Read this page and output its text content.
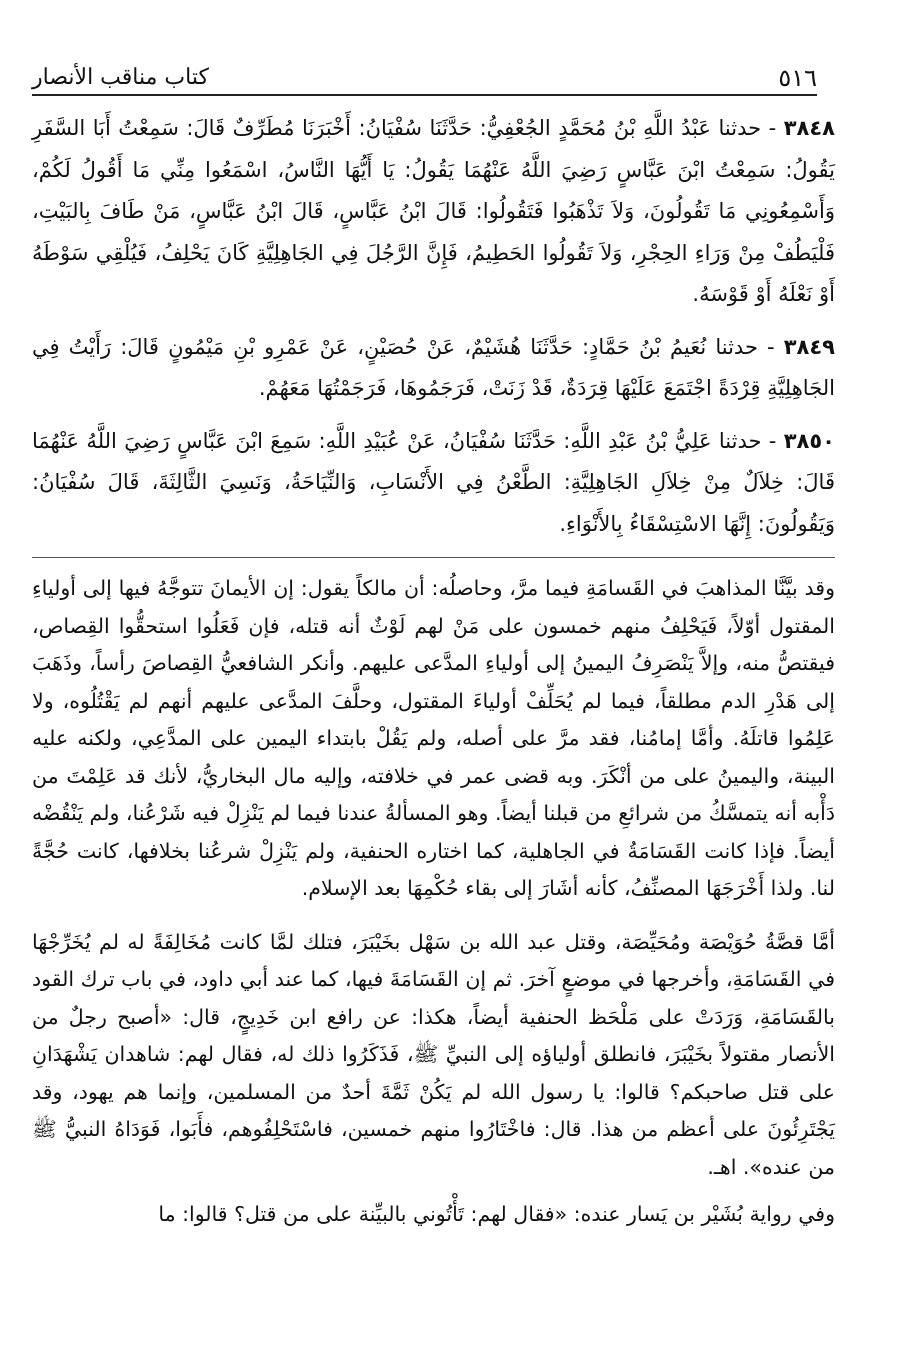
٥١٦
كتاب مناقب الأنصار

٣٨٤٨ - حدثنا عَبْدُ اللَّهِ بْنُ مُحَمَّدٍ الجُعْفِيُّ: حَدَّثَنَا سُفْيَانُ: أَخْبَرَنَا مُطَرِّفٌ قَالَ: سَمِعْتُ أَبَا السَّفَرِ يَقُولُ: سَمِعْتُ ابْنَ عَبَّاسٍ رَضِيَ اللَّهُ عَنْهُمَا يَقُولُ: يَا أَيُّهَا النَّاسُ، اسْمَعُوا مِنِّي مَا أَقُولُ لَكُمْ، وَأَسْمِعُونِي مَا تَقُولُونَ، وَلاَ تَذْهَبُوا فَتَقُولُوا: قَالَ ابْنُ عَبَّاسٍ، قَالَ ابْنُ عَبَّاسٍ، مَنْ طَافَ بِالبَيْتِ، فَلْيَطُفْ مِنْ وَرَاءِ الحِجْرِ، وَلاَ تَقُولُوا الحَطِيمُ، فَإِنَّ الرَّجُلَ فِي الجَاهِلِيَّةِ كَانَ يَحْلِفُ، فَيُلْقِي سَوْطَهُ أَوْ نَعْلَهُ أَوْ قَوْسَهُ.

٣٨٤٩ - حدثنا نُعَيمُ بْنُ حَمَّادٍ: حَدَّثَنَا هُشَيْمٌ، عَنْ حُصَيْنٍ، عَنْ عَمْرِو بْنِ مَيْمُونٍ قَالَ: رَأَيْتُ فِي الجَاهِلِيَّةِ قِرْدَةً اجْتَمَعَ عَلَيْهَا قِرَدَةٌ، قَدْ زَنَتْ، فَرَجَمُوهَا، فَرَجَمْتُهَا مَعَهُمْ.

٣٨٥٠ - حدثنا عَلِيُّ بْنُ عَبْدِ اللَّهِ: حَدَّثَنَا سُفْيَانُ، عَنْ عُبَيْدِ اللَّهِ: سَمِعَ ابْنَ عَبَّاسٍ رَضِيَ اللَّهُ عَنْهُمَا قَالَ: خِلاَلٌ مِنْ خِلاَلِ الجَاهِلِيَّةِ: الطَّعْنُ فِي الأَنْسَابِ، وَالنِّيَاحَةُ، وَنَسِيَ الثَّالِثَةَ، قَالَ سُفْيَانُ: وَيَقُولُونَ: إِنَّهَا الاسْتِسْقَاءُ بِالأَنْوَاءِ.

وقد بيَّنَّا المذاهبَ في القَسامَةِ فيما مرَّ، وحاصلُه: أن مالكاً يقول: إن الأيمانَ تتوجَّهُ فيها إلى أولياءِ المقتول أوّلاً، فَيَحْلِفُ منهم خمسون على مَنْ لهم لَوْثٌ أنه قتله، فإن فَعَلُوا استحقُّوا القِصاص، فيقتصُّ منه، وإلاَّ يَنْصَرِفُ اليمينُ إلى أولياءِ المدَّعى عليهم. وأنكر الشافعيُّ القِصاصَ رأساً، وذَهَبَ إلى هَدْرِ الدم مطلقاً، فيما لم يُحَلِّفْ أولياءَ المقتول، وحلَّفَ المدَّعى عليهم أنهم لم يَقْتُلُوه، ولا عَلِمُوا قاتلَهُ. وأمَّا إمامُنا، فقد مرَّ على أصله، ولم يَقُلْ بابتداء اليمين على المدَّعِي، ولكنه عليه البينة، واليمينُ على من أنْكَرَ. وبه قضى عمر في خلافته، وإليه مال البخاريُّ، لأنك قد عَلِمْتَ من دَأْبه أنه يتمسَّكُ من شرائعِ من قبلنا أيضاً. وهو المسألةُ عندنا فيما لم يَنْزِلْ فيه شَرْعُنا، ولم يَنْقُضْه أيضاً. فإذا كانت القَسَامَةُ في الجاهلية، كما اختاره الحنفية، ولم يَنْزِلْ شرعُنا بخلافها، كانت حُجَّةً لنا. ولذا أَخْرَجَهَا المصنِّفُ، كأنه أشَارَ إلى بقاء حُكْمِهَا بعد الإسلام.

أمَّا قصَّةُ حُوَيْصَة ومُحَيِّصَة، وقتل عبد الله بن سَهْل بخَيْبَرَ، فتلك لمَّا كانت مُخَالِفَةً له لم يُخَرِّجْهَا في القَسَامَةِ، وأخرجها في موضعٍ آخرَ. ثم إن القَسَامَةَ فيها، كما عند أبي داود، في باب ترك القود بالقَسَامَةِ، وَرَدَتْ على مَلْحَظ الحنفية أيضاً، هكذا: عن رافع ابن خَدِيجٍ، قال: «أصبح رجلٌ من الأنصار مقتولاً بخَيْبَرَ، فانطلق أولياؤه إلى النبيِّ ﷺ، فَذَكَرُوا ذلك له، فقال لهم: شاهدان يَشْهَدَانِ على قتل صاحبكم؟ قالوا: يا رسول الله لم يَكُنْ ثَمَّةَ أحدٌ من المسلمين، وإنما هم يهود، وقد يَجْتَرِئُونَ على أعظم من هذا. قال: فاخْتَارُوا منهم خمسين، فاسْتَحْلِفُوهم، فأَبَوا، فَوَدَاهُ النبيُّ ﷺ من عنده». اهـ.

وفي رواية بُشَيْر بن يَسار عنده: «فقال لهم: تَأْتُوني بالبيِّنة على من قتل؟ قالوا: ما
